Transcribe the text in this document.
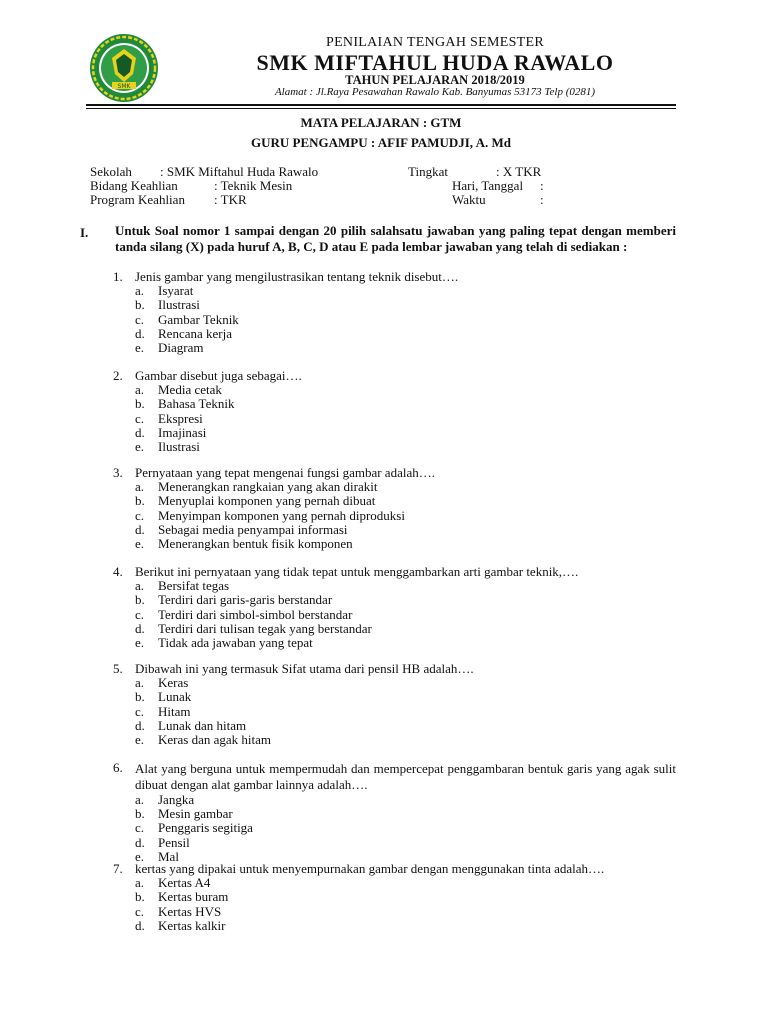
SMK
PENILAIAN TENGAH SEMESTER
SMK MIFTAHUL HUDA RAWALO
TAHUN PELAJARAN 2018/2019
Alamat : Jl.Raya Pesawahan Rawalo Kab. Banyumas 53173 Telp (0281)
MATA PELAJARAN : GTM
GURU PENGAMPU : AFIF PAMUDJI, A. Md
Sekolah : SMK Miftahul Huda Rawalo
Bidang Keahlian	: Teknik Mesin
Program Keahlian : TKR
Tingkat	: X TKR
Hari, Tanggal :
Waktu	:
I. Untuk Soal nomor 1 sampai dengan 20 pilih salahsatu jawaban yang paling tepat dengan memberi tanda silang (X) pada huruf A, B, C, D atau E pada lembar jawaban yang telah di sediakan :
1. Jenis gambar yang mengilustrasikan tentang teknik disebut….
a. Isyarat
b. Ilustrasi
c. Gambar Teknik
d. Rencana kerja
e. Diagram
2. Gambar disebut juga sebagai….
a. Media cetak
b. Bahasa Teknik
c. Ekspresi
d. Imajinasi
e. Ilustrasi
3. Pernyataan yang tepat mengenai fungsi gambar adalah….
a. Menerangkan rangkaian yang akan dirakit
b. Menyuplai komponen yang pernah dibuat
c. Menyimpan komponen yang pernah diproduksi
d. Sebagai media penyampai informasi
e. Menerangkan bentuk fisik komponen
4. Berikut ini pernyataan yang tidak tepat untuk menggambarkan arti gambar teknik,….
a. Bersifat tegas
b. Terdiri dari garis-garis berstandar
c. Terdiri dari simbol-simbol berstandar
d. Terdiri dari tulisan tegak yang berstandar
e. Tidak ada jawaban yang tepat
5. Dibawah ini yang termasuk Sifat utama dari pensil HB adalah….
a. Keras
b. Lunak
c. Hitam
d. Lunak dan hitam
e. Keras dan agak hitam
6. Alat yang berguna untuk mempermudah dan mempercepat penggambaran bentuk garis yang agak sulit dibuat dengan alat gambar lainnya adalah….
a. Jangka
b. Mesin gambar
c. Penggaris segitiga
d. Pensil
e. Mal
7. kertas yang dipakai untuk menyempurnakan gambar dengan menggunakan tinta adalah….
a. Kertas A4
b. Kertas buram
c. Kertas HVS
d. Kertas kalkir
